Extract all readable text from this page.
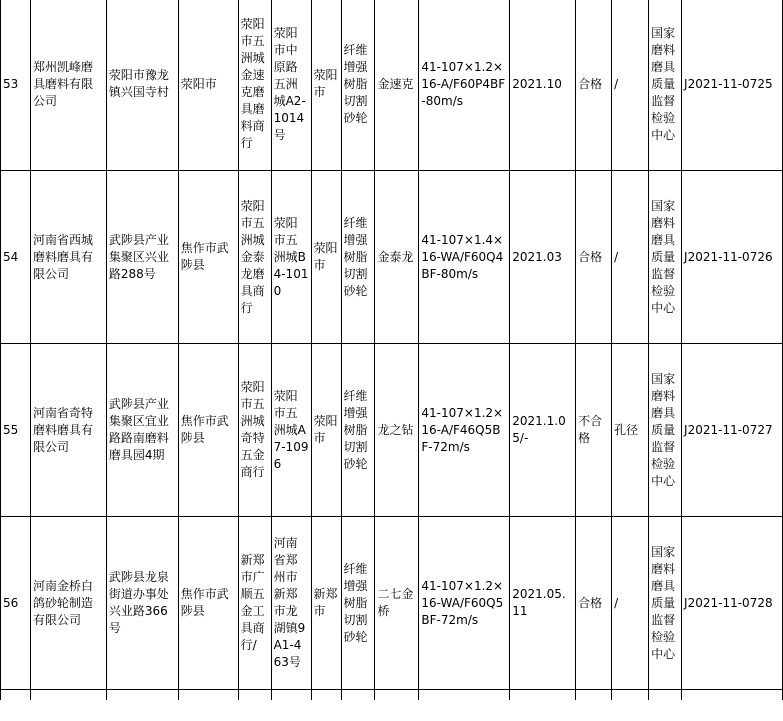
53	郑州凯峰磨具磨料有限公司	荥阳市豫龙镇兴国寺村	荥阳市	荥阳市五洲城金速克磨具磨料商行	荥阳市中原路五洲城A2-1014号	荥阳市	纤维增强树脂切割砂轮	金速克	41-107×1.2×16-A/F60P4BF-80m/s	2021.10	合格	/	国家磨料磨具质量监督检验中心	J2021-11-0725
54	河南省西城磨料磨具有限公司	武陟县产业集聚区兴业路288号	焦作市武陟县	荥阳市五洲城金泰龙磨具商行	荥阳市五洲城B4-1010	荥阳市	纤维增强树脂切割砂轮	金泰龙	41-107×1.4×16-WA/F60Q4BF-80m/s	2021.03	合格	/	国家磨料磨具质量监督检验中心	J2021-11-0726
55	河南省奇特磨料磨具有限公司	武陟县产业集聚区宜业路路南磨料磨具园4期	焦作市武陟县	荥阳市五洲城奇特五金商行	荥阳市五洲城A7-1096	荥阳市	纤维增强树脂切割砂轮	龙之钻	41-107×1.2×16-A/F46Q5BF-72m/s	2021.1.05/-	不合格	孔径	国家磨料磨具质量监督检验中心	J2021-11-0727
56	河南金桥白鸽砂轮制造有限公司	武陟县龙泉街道办事处兴业路366号	焦作市武陟县	新郑市广顺五金工具商行/	河南省郑州市新郑市龙湖镇9A1-463号	新郑市	纤维增强树脂切割砂轮	二七金桥	41-107×1.2×16-WA/F60Q5BF-72m/s	2021.05.11	合格	/	国家磨料磨具质量监督检验中心	J2021-11-0728
